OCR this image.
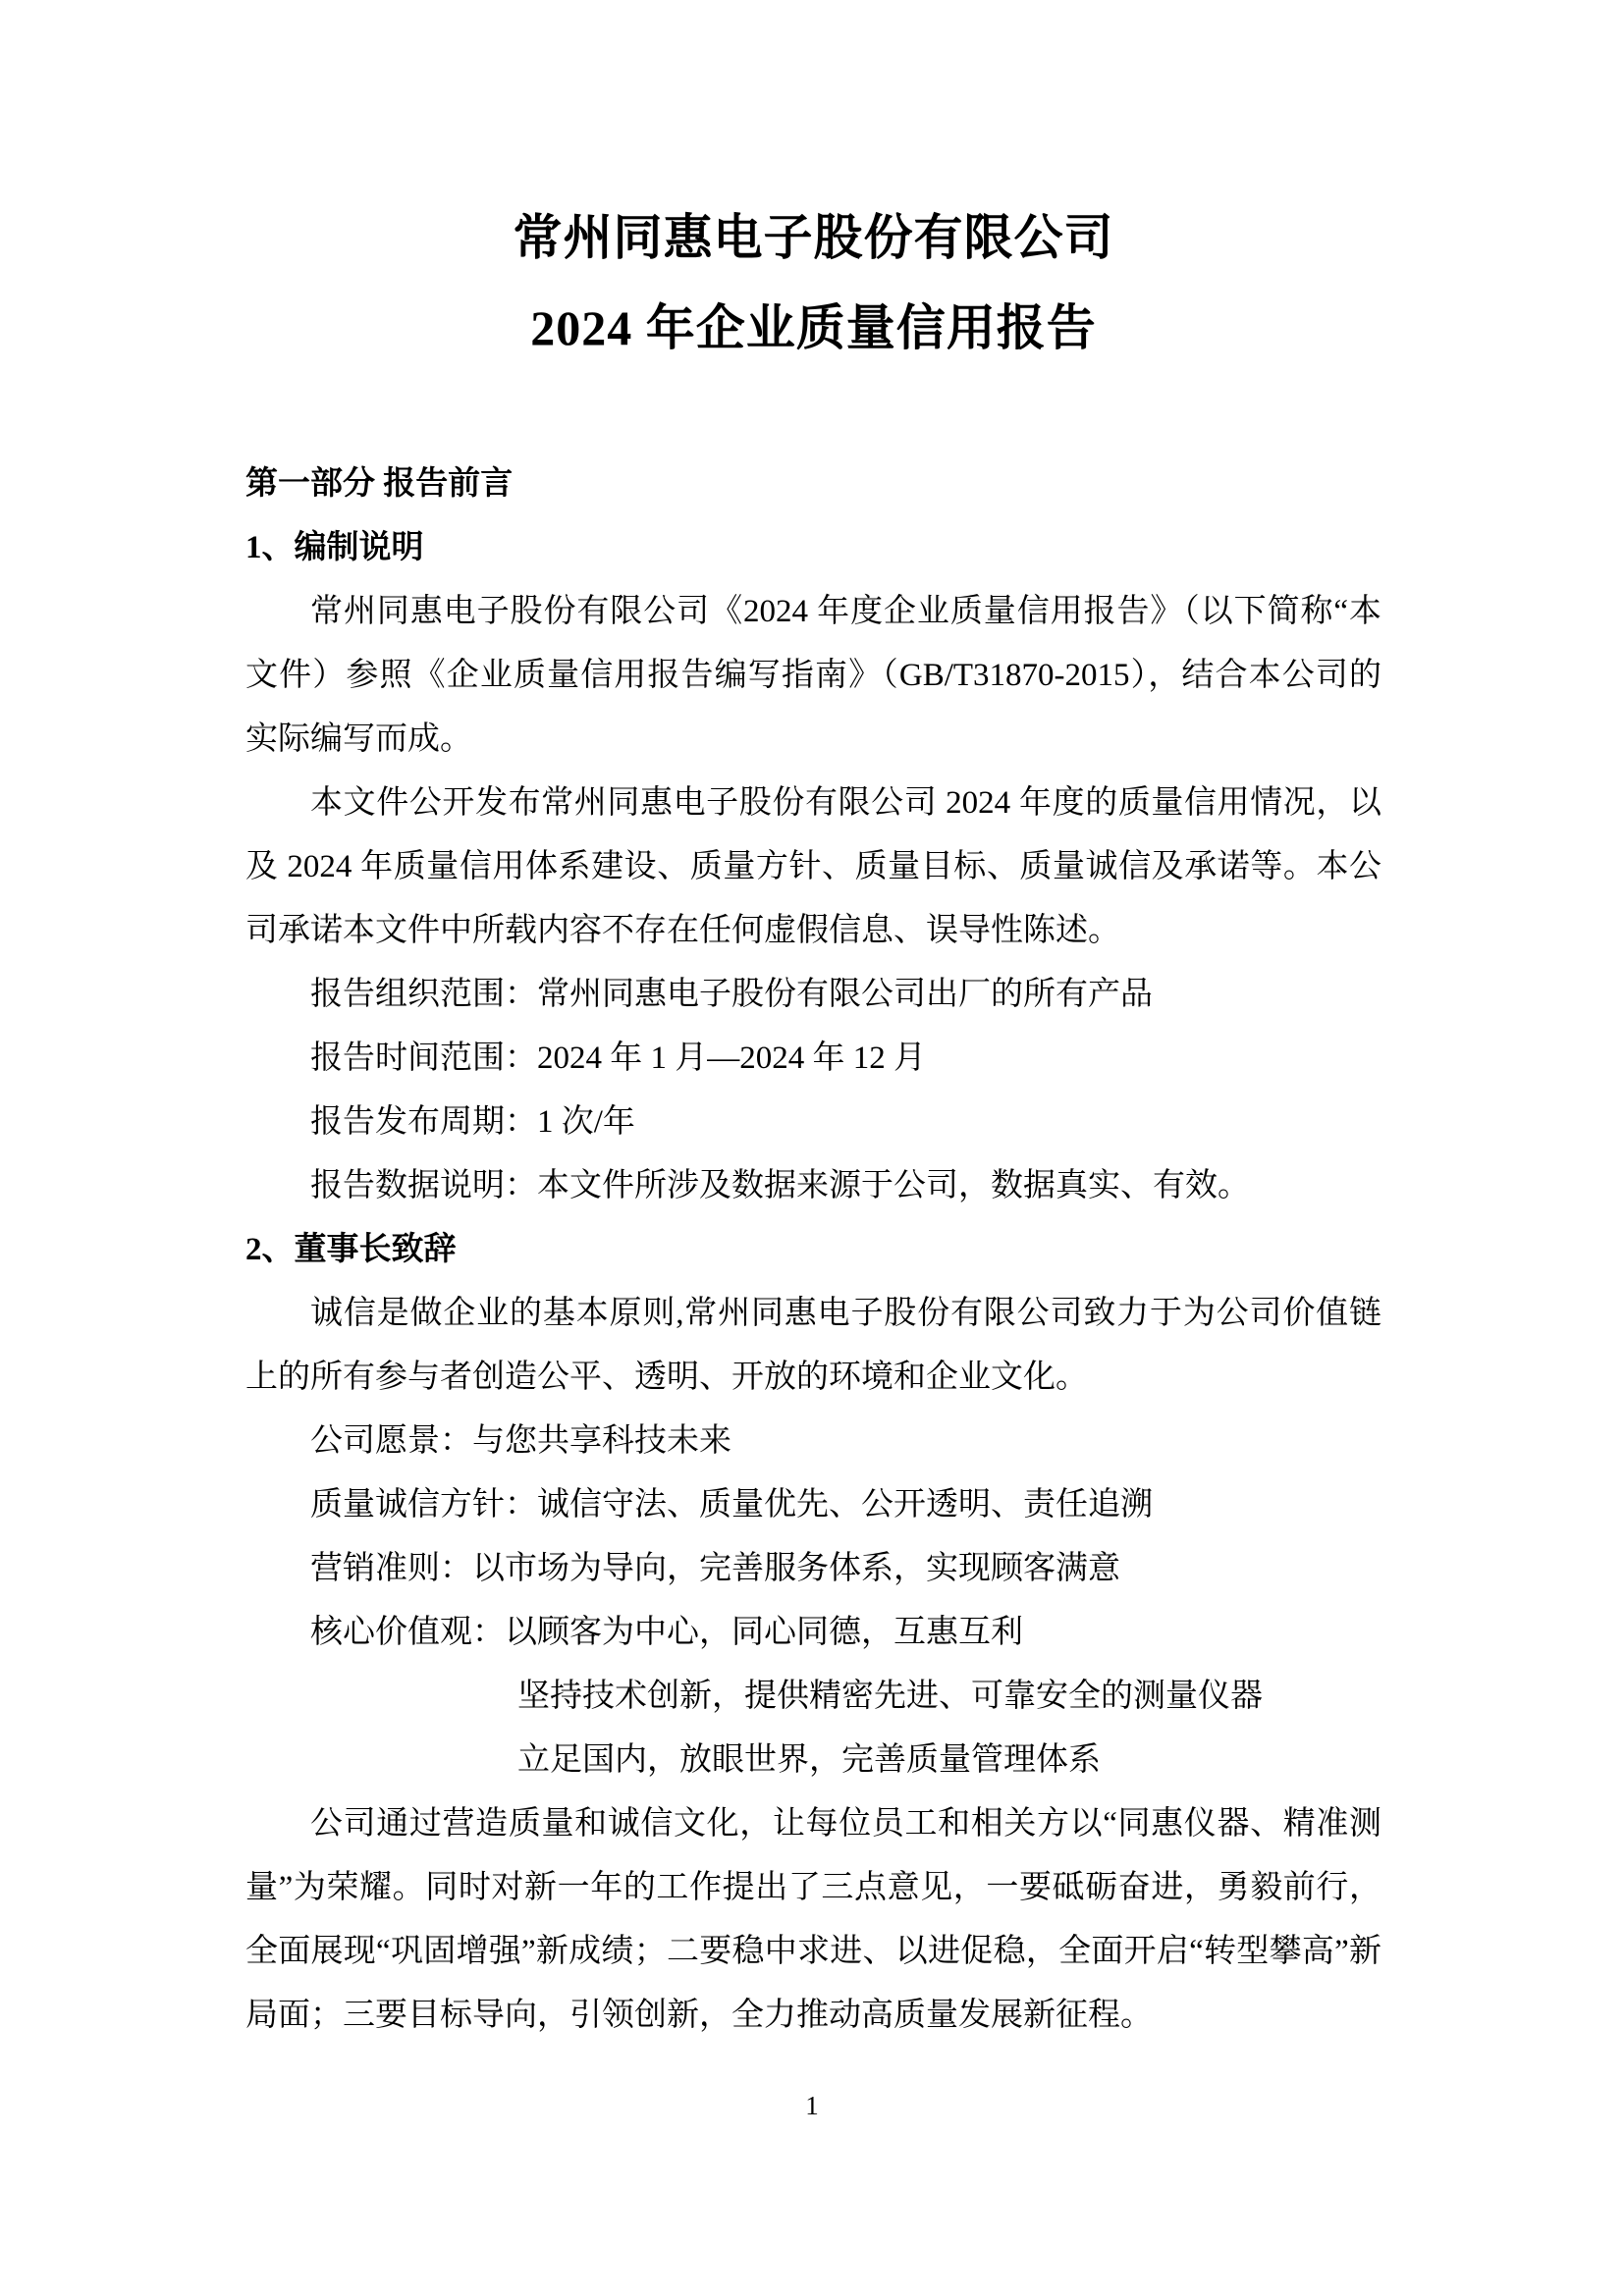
常州同惠电子股份有限公司
2024 年企业质量信用报告
第一部分 报告前言
1、编制说明
常州同惠电子股份有限公司《2024 年度企业质量信用报告》（以下简称“本文件）参照《企业质量信用报告编写指南》（GB/T31870-2015），结合本公司的实际编写而成。
本文件公开发布常州同惠电子股份有限公司 2024 年度的质量信用情况，以及 2024 年质量信用体系建设、质量方针、质量目标、质量诚信及承诺等。本公司承诺本文件中所载内容不存在任何虚假信息、误导性陈述。
报告组织范围：常州同惠电子股份有限公司出厂的所有产品
报告时间范围：2024 年 1 月—2024 年 12 月
报告发布周期：1 次/年
报告数据说明：本文件所涉及数据来源于公司，数据真实、有效。
2、董事长致辞
诚信是做企业的基本原则,常州同惠电子股份有限公司致力于为公司价值链上的所有参与者创造公平、透明、开放的环境和企业文化。
公司愿景：与您共享科技未来
质量诚信方针：诚信守法、质量优先、公开透明、责任追溯
营销准则：以市场为导向，完善服务体系，实现顾客满意
核心价值观：以顾客为中心，同心同德，互惠互利
坚持技术创新，提供精密先进、可靠安全的测量仪器
立足国内，放眼世界，完善质量管理体系
公司通过营造质量和诚信文化，让每位员工和相关方以“同惠仪器、精准测量”为荣耀。同时对新一年的工作提出了三点意见，一要砥砺奋进，勇毅前行，全面展现“巩固增强”新成绩；二要稳中求进、以进促稳，全面开启“转型攀高”新局面；三要目标导向，引领创新，全力推动高质量发展新征程。
1
